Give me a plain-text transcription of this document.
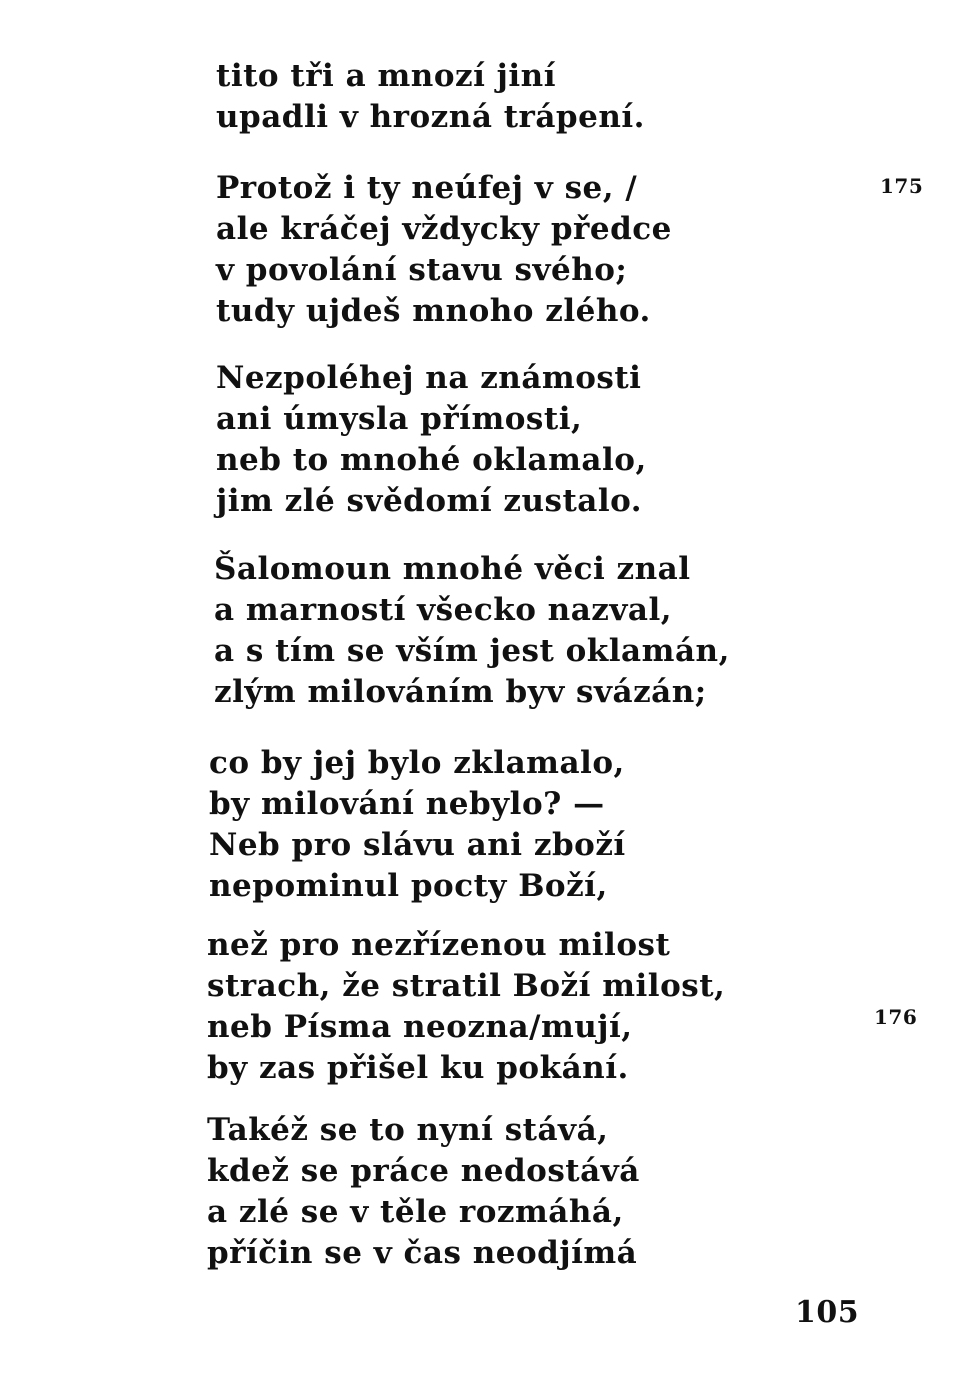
tito tři a mnozí jiní
upadli v hrozná trápení.
Protož i ty neúfej v se, /
ale kráčej vždycky předce
v povolání stavu svého;
tudy ujdeš mnoho zlého.
Nezpoléhej na známosti
ani úmysla přímosti,
neb to mnohé oklamalo,
jim zlé svědomí zustalo.
Šalomoun mnohé věci znal
a marností všecko nazval,
a s tím se vším jest oklamán,
zlým milováním byv svázán;
co by jej bylo zklamalo,
by milování nebylo? —
Neb pro slávu ani zboží
nepominul pocty Boží,
než pro nezřízenou milost
strach, že stratil Boží milost,
neb Písma neozna/mují,
by zas přišel ku pokání.
Takéž se to nyní stává,
kdež se práce nedostává
a zlé se v těle rozmáhá,
příčin se v čas neodjímá
175
176
105
